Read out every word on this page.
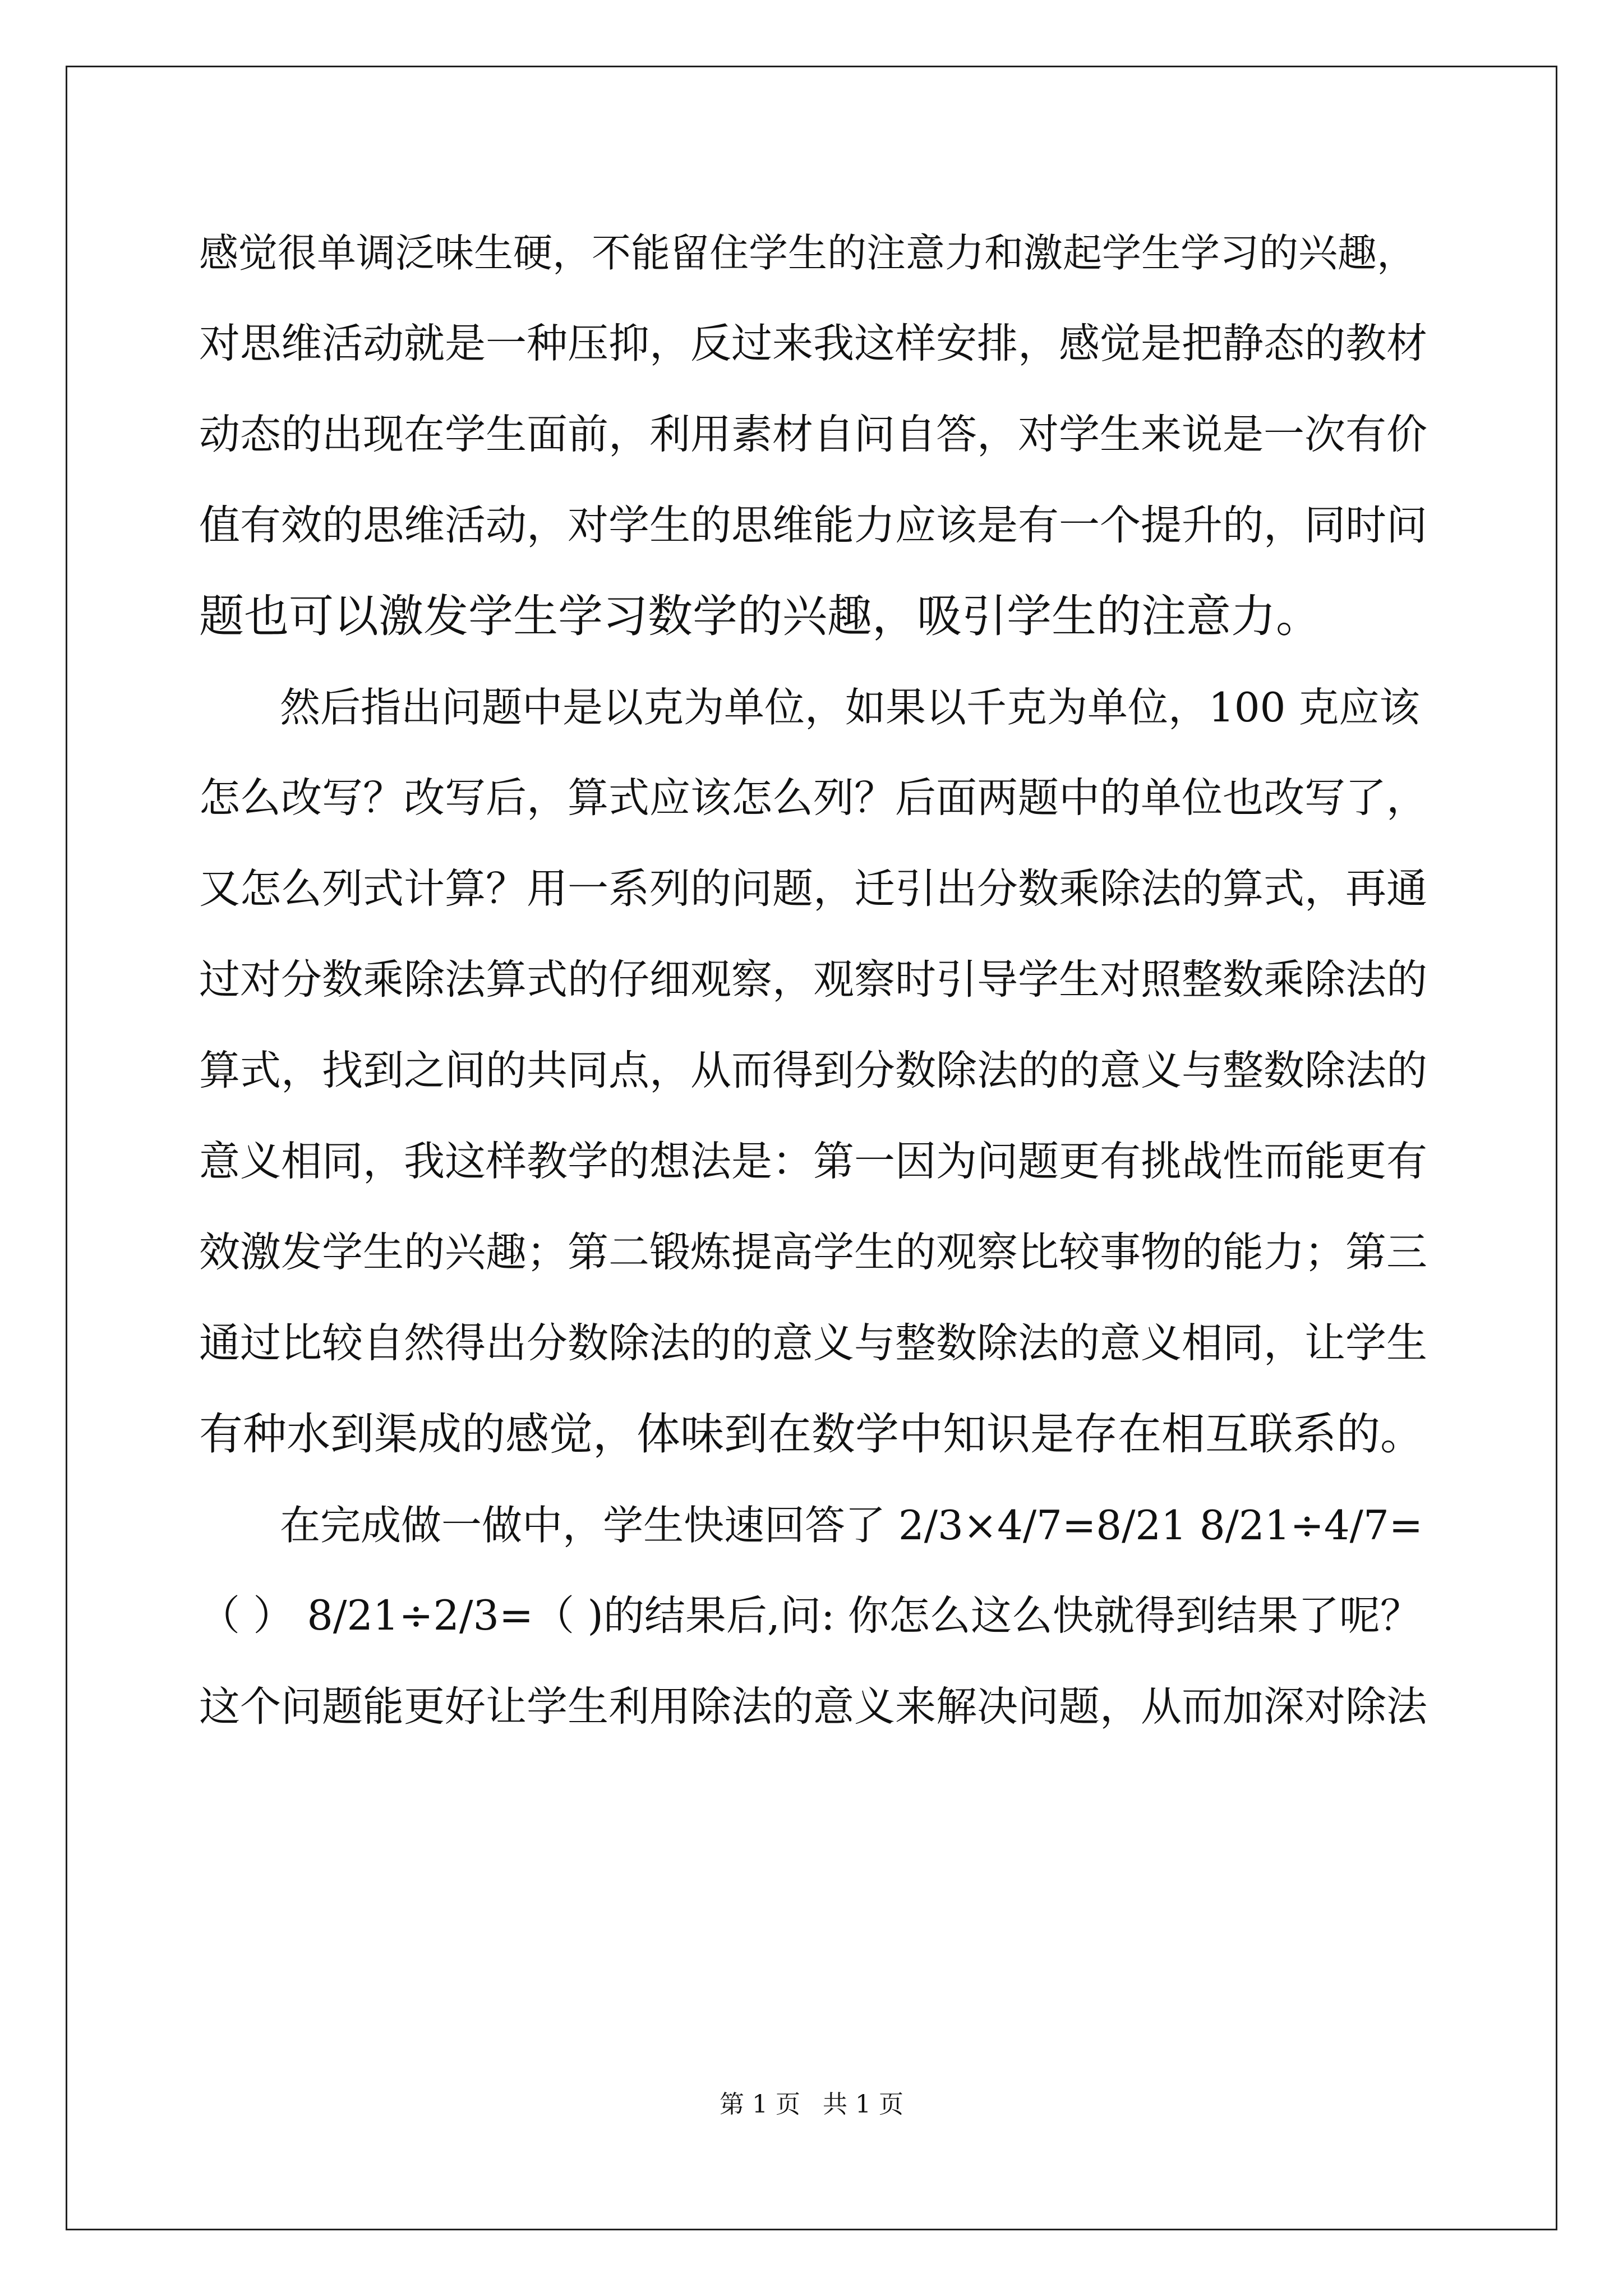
感觉很单调泛味生硬，不能留住学生的注意力和激起学生学习的兴趣，
对思维活动就是一种压抑，反过来我这样安排，感觉是把静态的教材
动态的出现在学生面前，利用素材自问自答，对学生来说是一次有价
值有效的思维活动，对学生的思维能力应该是有一个提升的，同时问
题也可以激发学生学习数学的兴趣，吸引学生的注意力。
　　然后指出问题中是以克为单位，如果以千克为单位，100 克应该
怎么改写？改写后，算式应该怎么列？后面两题中的单位也改写了，
又怎么列式计算？用一系列的问题，迁引出分数乘除法的算式，再通
过对分数乘除法算式的仔细观察，观察时引导学生对照整数乘除法的
算式，找到之间的共同点，从而得到分数除法的的意义与整数除法的
意义相同，我这样教学的想法是：第一因为问题更有挑战性而能更有
效激发学生的兴趣；第二锻炼提高学生的观察比较事物的能力；第三
通过比较自然得出分数除法的的意义与整数除法的意义相同，让学生
有种水到渠成的感觉，体味到在数学中知识是存在相互联系的。
　　在完成做一做中，学生快速回答了 2/3×4/7=8/21 8/21÷4/7=
（ ） 8/21÷2/3=（ )的结果后,问: 你怎么这么快就得到结果了呢？
这个问题能更好让学生利用除法的意义来解决问题，从而加深对除法
第 1 页 共 1 页
